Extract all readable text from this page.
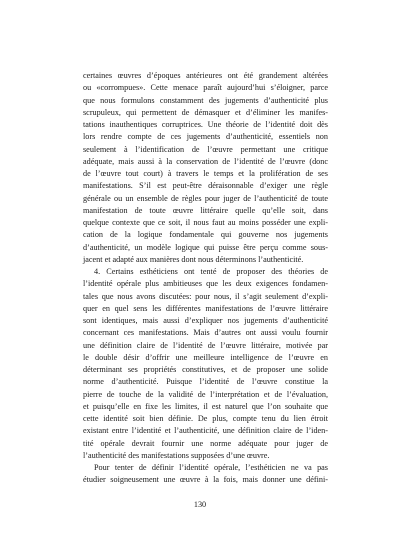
certaines œuvres d’époques antérieures ont été grandement altérées
ou «corrompues». Cette menace paraît aujourd’hui s’éloigner, parce
que nous formulons constamment des jugements d’authenticité plus
scrupuleux, qui permettent de démasquer et d’éliminer les manifes-
tations inauthentiques corruptrices. Une théorie de l’identité doit dès
lors rendre compte de ces jugements d’authenticité, essentiels non
seulement à l’identification de l’œuvre permettant une critique
adéquate, mais aussi à la conservation de l’identité de l’œuvre (donc
de l’œuvre tout court) à travers le temps et la prolifération de ses
manifestations. S’il est peut-être déraisonnable d’exiger une règle
générale ou un ensemble de règles pour juger de l’authenticité de toute
manifestation de toute œuvre littéraire quelle qu’elle soit, dans
quelque contexte que ce soit, il nous faut au moins posséder une expli-
cation de la logique fondamentale qui gouverne nos jugements
d’authenticité, un modèle logique qui puisse être perçu comme sous-
jacent et adapté aux manières dont nous déterminons l’authenticité.
4. Certains esthéticiens ont tenté de proposer des théories de
l’identité opérale plus ambitieuses que les deux exigences fondamen-
tales que nous avons discutées: pour nous, il s’agit seulement d’expli-
quer en quel sens les différentes manifestations de l’œuvre littéraire
sont identiques, mais aussi d’expliquer nos jugements d’authenticité
concernant ces manifestations. Mais d’autres ont aussi voulu fournir
une définition claire de l’identité de l’œuvre littéraire, motivée par
le double désir d’offrir une meilleure intelligence de l’œuvre en
déterminant ses propriétés constitutives, et de proposer une solide
norme d’authenticité. Puisque l’identité de l’œuvre constitue la
pierre de touche de la validité de l’interprétation et de l’évaluation,
et puisqu’elle en fixe les limites, il est naturel que l’on souhaite que
cette identité soit bien définie. De plus, compte tenu du lien étroit
existant entre l’identité et l’authenticité, une définition claire de l’iden-
tité opérale devrait fournir une norme adéquate pour juger de
l’authenticité des manifestations supposées d’une œuvre.
Pour tenter de définir l’identité opérale, l’esthéticien ne va pas
étudier soigneusement une œuvre à la fois, mais donner une défini-
130
